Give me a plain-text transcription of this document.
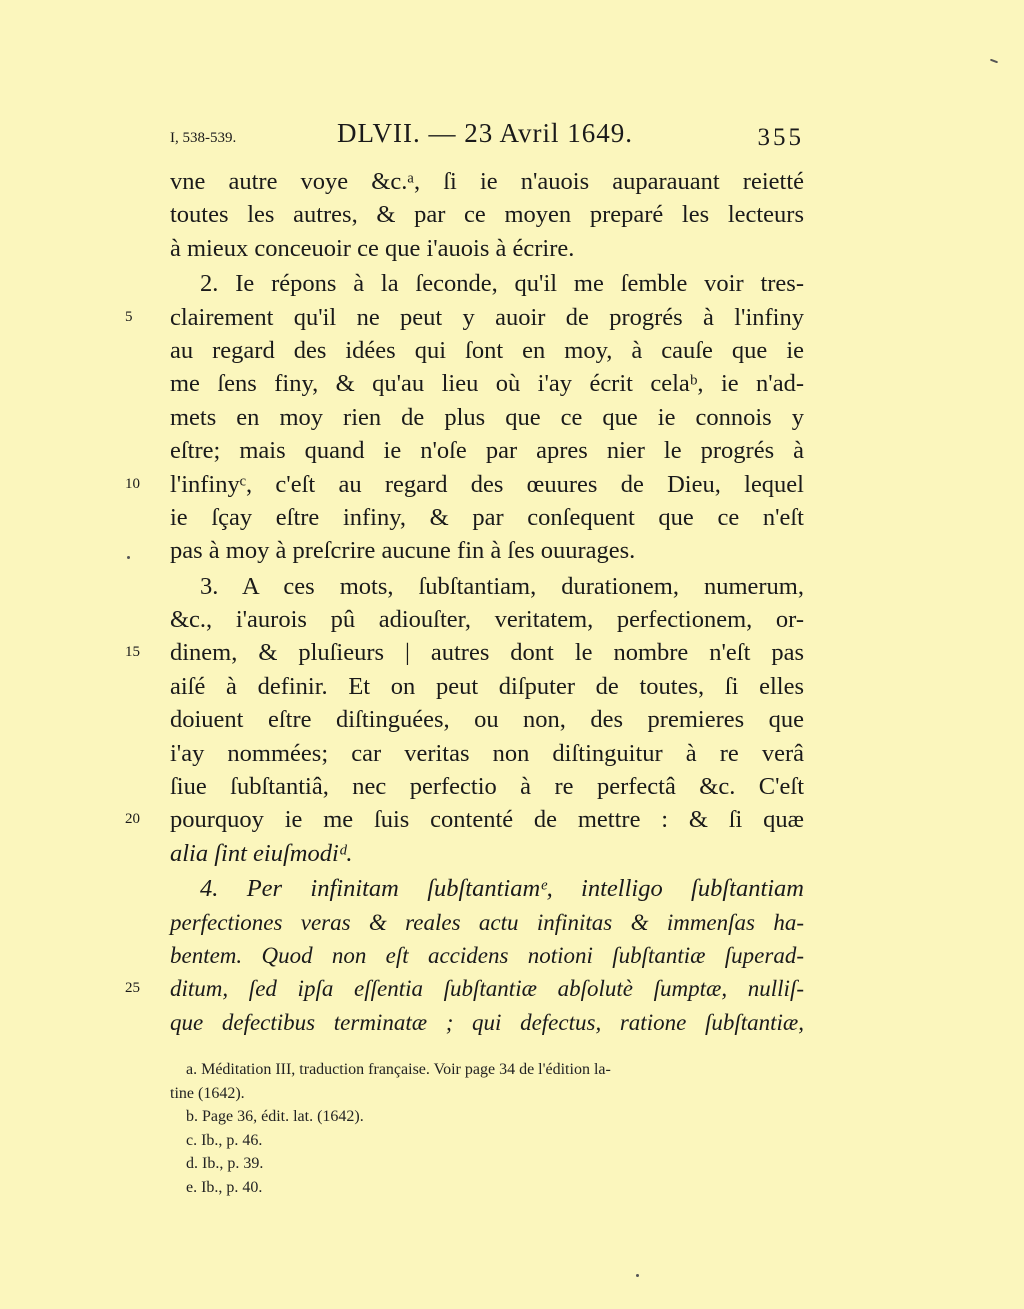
I, 538-539.	DLVII. — 23 Avril 1649.	355
vne autre voye &c.ᵃ, ſi ie n'auois auparauant reietté
toutes les autres, & par ce moyen preparé les lecteurs
à mieux conceuoir ce que i'auois à écrire.
2. Ie répons à la ſeconde, qu'il me ſemble voir tres-
5	clairement qu'il ne peut y auoir de progrés à l'infiny
au regard des idées qui ſont en moy, à cauſe que ie
me ſens finy, & qu'au lieu où i'ay écrit celaᵇ, ie n'ad-
mets en moy rien de plus que ce que ie connois y
eſtre; mais quand ie n'oſe par apres nier le progrés à
10	l'infinyᶜ, c'eſt au regard des œuures de Dieu, lequel
ie ſçay eſtre infiny, & par conſequent que ce n'eſt
pas à moy à preſcrire aucune fin à ſes ouurages.
3. A ces mots, ſubſtantiam, durationem, numerum,
&c., i'aurois pû adiouſter, veritatem, perfectionem, or-
15	dinem, & pluſieurs | autres dont le nombre n'eſt pas
aiſé à definir. Et on peut diſputer de toutes, ſi elles
doiuent eſtre diſtinguées, ou non, des premieres que
i'ay nommées; car veritas non diſtinguitur à re verâ
ſiue ſubſtantiâ, nec perfectio à re perfectâ &c. C'eſt
20	pourquoy ie me ſuis contenté de mettre : & ſi quæ
alia ſint eiuſmodiᵈ.
4. Per infinitam ſubſtantiamᵉ, intelligo ſubſtantiam
perfectiones veras & reales actu infinitas & immenſas ha-
bentem. Quod non eſt accidens notioni ſubſtantiæ ſuperad-
25	ditum, ſed ipſa eſſentia ſubſtantiæ abſolutè ſumptæ, nulliſ-
que defectibus terminatæ ; qui defectus, ratione ſubſtantiæ,
a. Méditation III, traduction française. Voir page 34 de l'édition la-
tine (1642).
b. Page 36, édit. lat. (1642).
c. Ib., p. 46.
d. Ib., p. 39.
e. Ib., p. 40.
